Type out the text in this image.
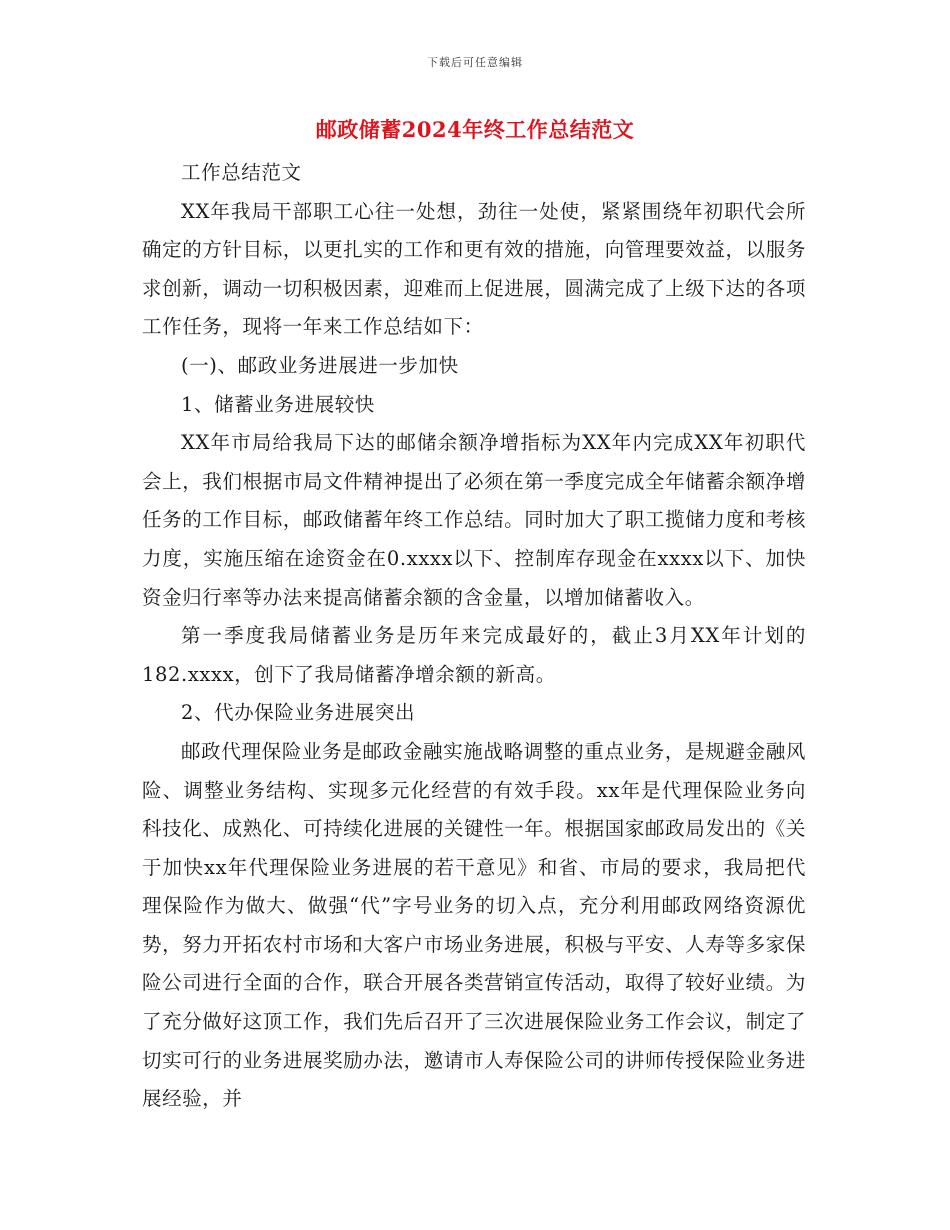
下载后可任意编辑
邮政储蓄2024年终工作总结范文

工作总结范文

XX年我局干部职工心往一处想，劲往一处使，紧紧围绕年初职代会所确定的方针目标，以更扎实的工作和更有效的措施，向管理要效益，以服务求创新，调动一切积极因素，迎难而上促进展，圆满完成了上级下达的各项工作任务，现将一年来工作总结如下：

(一)、邮政业务进展进一步加快

1、储蓄业务进展较快

XX年市局给我局下达的邮储余额净增指标为XX年内完成XX年初职代会上，我们根据市局文件精神提出了必须在第一季度完成全年储蓄余额净增任务的工作目标，邮政储蓄年终工作总结。同时加大了职工揽储力度和考核力度，实施压缩在途资金在0.xxxx以下、控制库存现金在xxxx以下、加快资金归行率等办法来提高储蓄余额的含金量，以增加储蓄收入。

第一季度我局储蓄业务是历年来完成最好的，截止3月XX年计划的182.xxxx，创下了我局储蓄净增余额的新高。

2、代办保险业务进展突出

邮政代理保险业务是邮政金融实施战略调整的重点业务，是规避金融风险、调整业务结构、实现多元化经营的有效手段。xx年是代理保险业务向科技化、成熟化、可持续化进展的关键性一年。根据国家邮政局发出的《关于加快xx年代理保险业务进展的若干意见》和省、市局的要求，我局把代理保险作为做大、做强“代”字号业务的切入点，充分利用邮政网络资源优势，努力开拓农村市场和大客户市场业务进展，积极与平安、人寿等多家保险公司进行全面的合作，联合开展各类营销宣传活动，取得了较好业绩。为了充分做好这顶工作，我们先后召开了三次进展保险业务工作会议，制定了切实可行的业务进展奖励办法，邀请市人寿保险公司的讲师传授保险业务进展经验，并
